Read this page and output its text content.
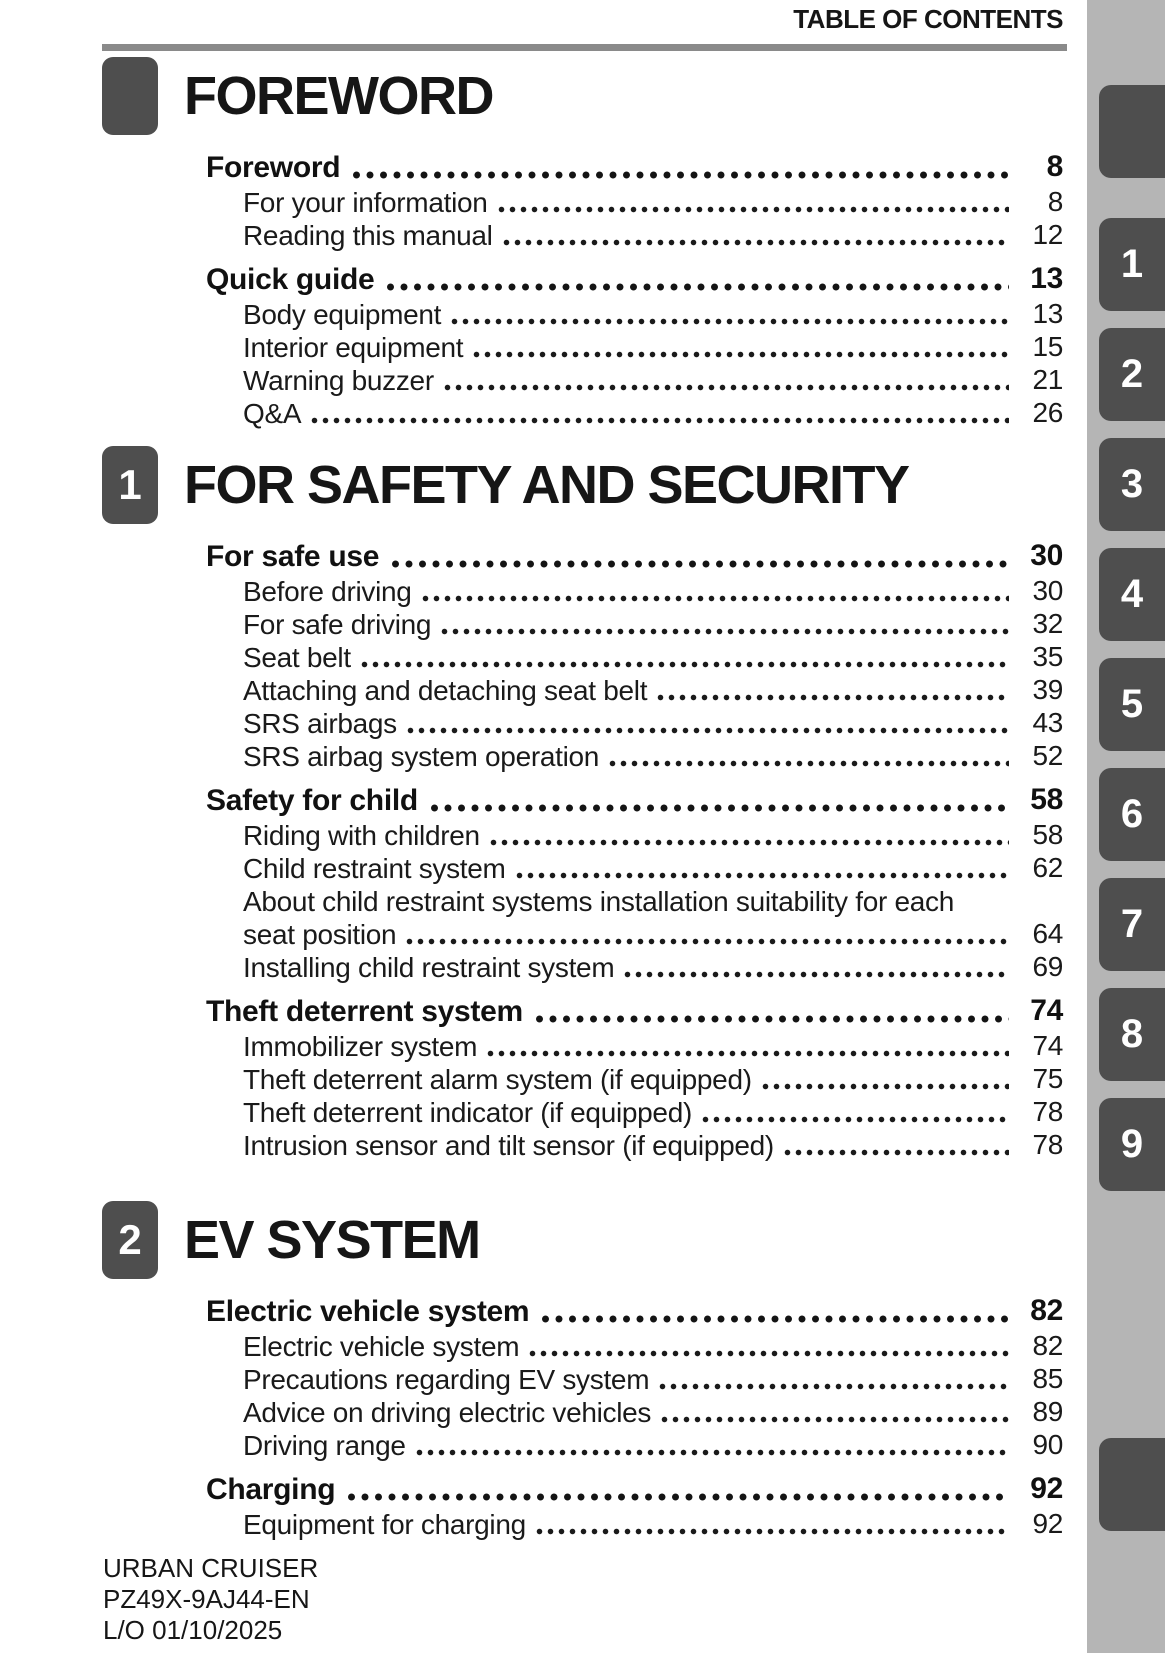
1
2
3
4
5
6
7
8
9
TABLE OF CONTENTS
FOREWORD
Foreword	8
For your information	8
Reading this manual	12
Quick guide	13
Body equipment	13
Interior equipment	15
Warning buzzer	21
Q&A	26
1 FOR SAFETY AND SECURITY
For safe use	30
Before driving	30
For safe driving	32
Seat belt	35
Attaching and detaching seat belt	39
SRS airbags	43
SRS airbag system operation	52
Safety for child	58
Riding with children	58
Child restraint system	62
About child restraint systems installation suitability for each
seat position	64
Installing child restraint system	69
Theft deterrent system	74
Immobilizer system	74
Theft deterrent alarm system (if equipped)	75
Theft deterrent indicator (if equipped)	78
Intrusion sensor and tilt sensor (if equipped)	78
2 EV SYSTEM
Electric vehicle system	82
Electric vehicle system	82
Precautions regarding EV system	85
Advice on driving electric vehicles	89
Driving range	90
Charging	92
Equipment for charging	92
URBAN CRUISER
PZ49X-9AJ44-EN
L/O 01/10/2025
